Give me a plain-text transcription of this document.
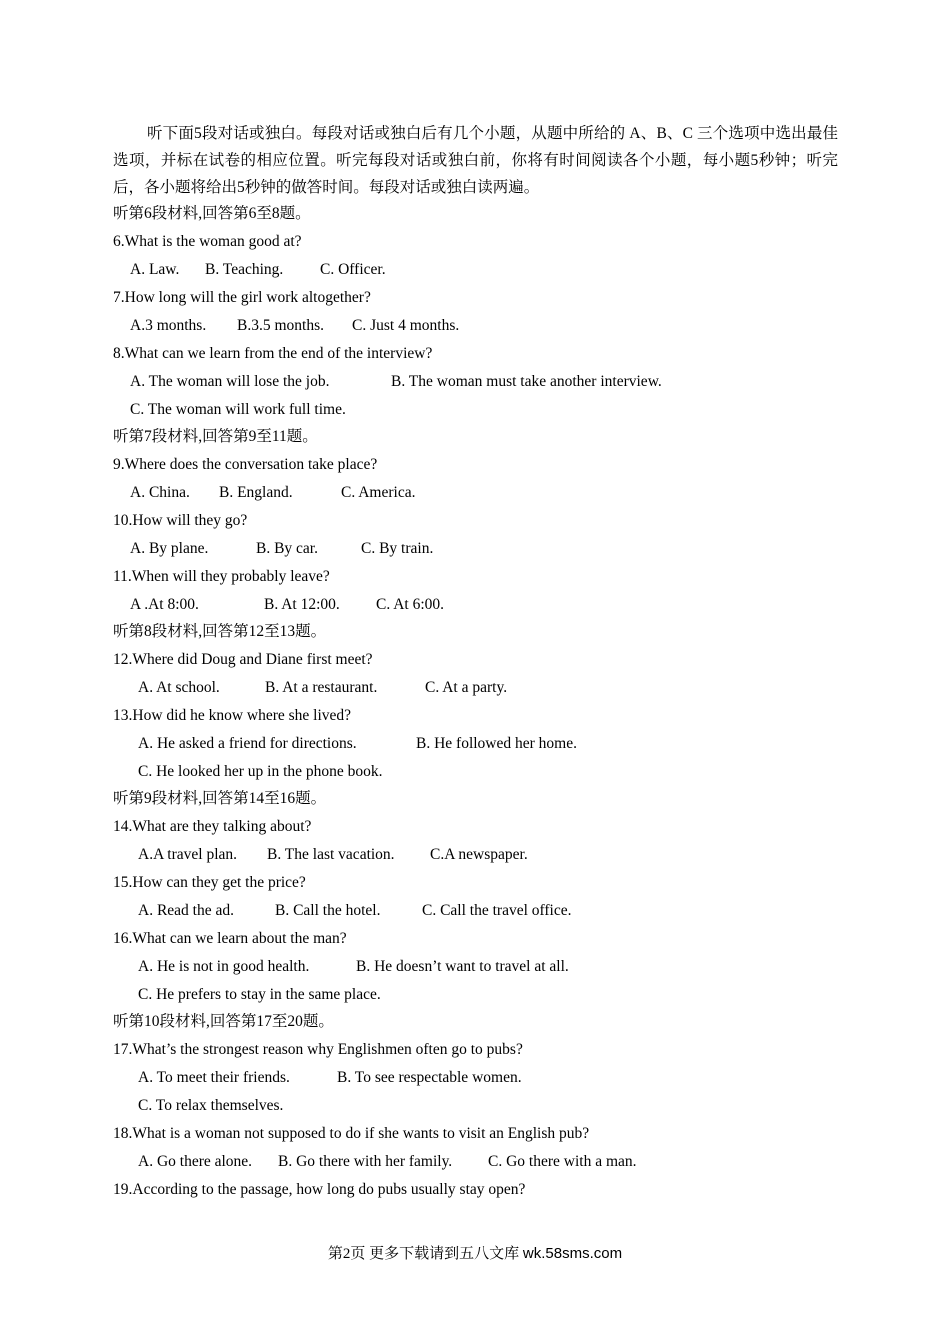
听下面5段对话或独白。每段对话或独白后有几个小题，从题中所给的 A、B、C 三个选项中选出最佳选项，并标在试卷的相应位置。听完每段对话或独白前，你将有时间阅读各个小题，每小题5秒钟；听完后，各小题将给出5秒钟的做答时间。每段对话或独白读两遍。
听第6段材料,回答第6至8题。
6.What is the woman good at?
A. Law. B. Teaching. C. Officer.
7.How long will the girl work altogether?
A.3 months. B.3.5 months. C. Just 4 months.
8.What can we learn from the end of the interview?
A. The woman will lose the job.	B. The woman must take another interview.
C. The woman will work full time.
听第7段材料,回答第9至11题。
9.Where does the conversation take place?
A. China. B. England.	C. America.
10.How will they go?
A. By plane.	B. By car.	C. By train.
11.When will they probably leave?
A .At 8:00.	B. At 12:00. C. At 6:00.
听第8段材料,回答第12至13题。
12.Where did Doug and Diane first meet?
A. At school.	B. At a restaurant.	C. At a party.
13.How did he know where she lived?
A. He asked a friend for directions.	B. He followed her home.
C. He looked her up in the phone book.
听第9段材料,回答第14至16题。
14.What are they talking about?
A.A travel plan. B. The last vacation. C.A newspaper.
15.How can they get the price?
A. Read the ad.	B. Call the hotel.	C. Call the travel office.
16.What can we learn about the man?
A. He is not in good health.	B. He doesn’t want to travel at all.
C. He prefers to stay in the same place.
听第10段材料,回答第17至20题。
17.What’s the strongest reason why Englishmen often go to pubs?
A. To meet their friends.	B. To see respectable women.
C. To relax themselves.
18.What is a woman not supposed to do if she wants to visit an English pub?
A. Go there alone. B. Go there with her family. C. Go there with a man.
19.According to the passage, how long do pubs usually stay open?
第2页 更多下载请到五八文库 wk.58sms.com
